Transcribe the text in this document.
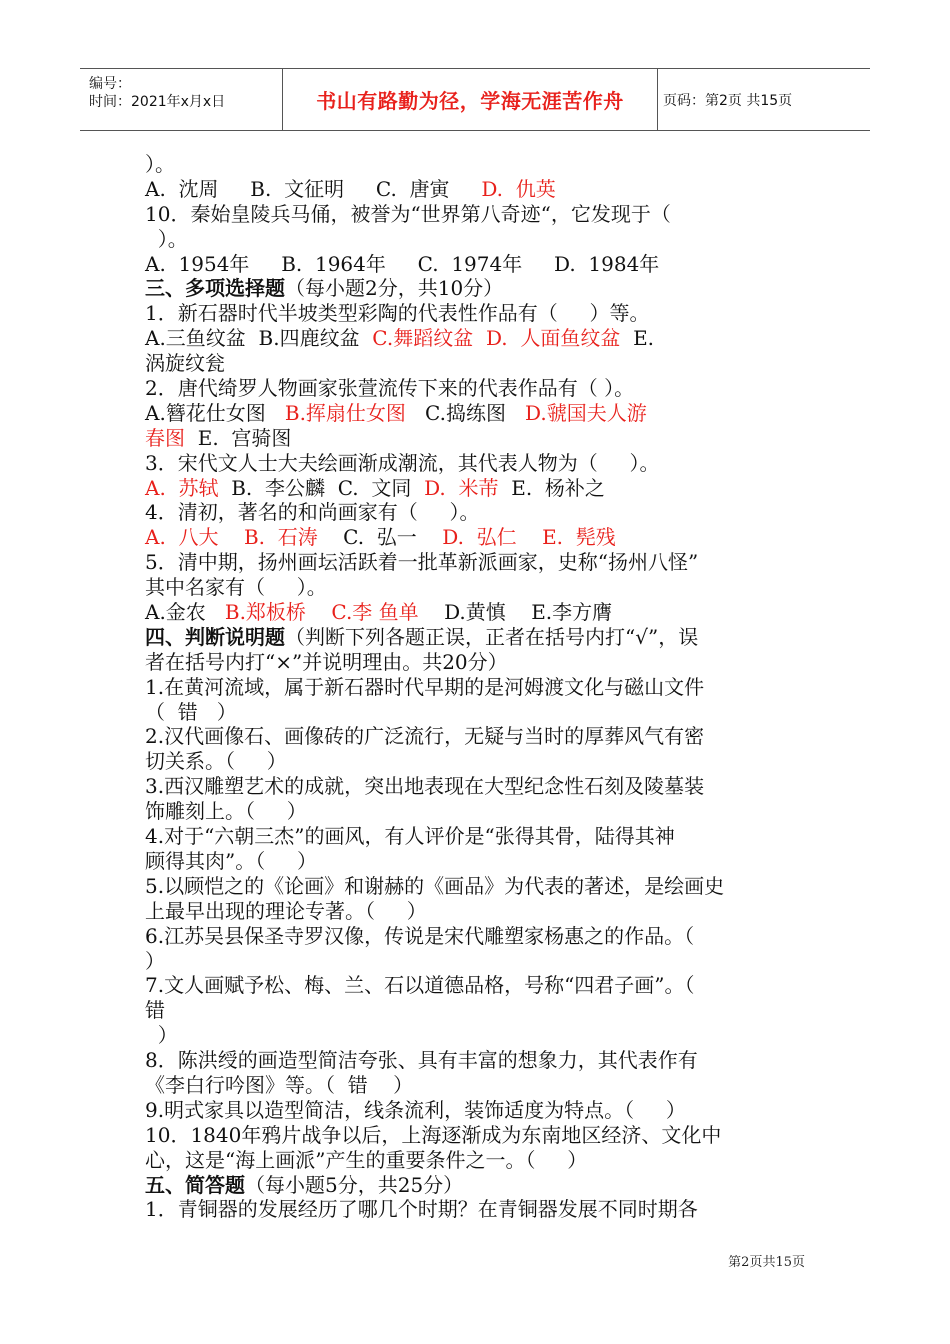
编号：
时间：2021年x月x日	书山有路勤为径，学海无涯苦作舟	页码：第2页 共15页
）。
A.  沈周     B.  文征明     C.  唐寅     D.  仇英
10．秦始皇陵兵马俑，被誉为“世界第八奇迹“，它发现于（
）。
A.  1954年     B.  1964年     C.  1974年     D.  1984年
三、多项选择题（每小题2分，共10分）
1．新石器时代半坡类型彩陶的代表性作品有（     ）等。
A.三鱼纹盆  B.四鹿纹盆  C.舞蹈纹盆  D.  人面鱼纹盆  E.
涡旋纹瓮
2．唐代绮罗人物画家张萱流传下来的代表作品有（ ）。
A.簪花仕女图   B.挥扇仕女图   C.捣练图   D.虢国夫人游
春图  E.  宫骑图
3．宋代文人士大夫绘画渐成潮流，其代表人物为（     ）。
A.  苏轼  B.  李公麟  C.  文同  D.  米芾  E.  杨补之
4．清初，著名的和尚画家有（     ）。
A.  八大    B.  石涛    C.  弘一    D.  弘仁    E.  髡残
5．清中期，扬州画坛活跃着一批革新派画家，史称“扬州八怪”
其中名家有（     ）。
A.金农   B.郑板桥    C.李 鱼单    D.黄慎    E.李方膺
四、判断说明题（判断下列各题正误，正者在括号内打“√”，误
者在括号内打“×”并说明理由。共20分）
1.在黄河流域，属于新石器时代早期的是河姆渡文化与磁山文件
（  错   ）
2.汉代画像石、画像砖的广泛流行，无疑与当时的厚葬风气有密
切关系。（     ）
3.西汉雕塑艺术的成就，突出地表现在大型纪念性石刻及陵墓装
饰雕刻上。（     ）
4.对于“六朝三杰”的画风，有人评价是“张得其骨，陆得其神
顾得其肉”。（     ）
5.以顾恺之的《论画》和谢赫的《画品》为代表的著述，是绘画史
上最早出现的理论专著。（     ）
6.江苏吴县保圣寺罗汉像，传说是宋代雕塑家杨惠之的作品。（
）
7.文人画赋予松、梅、兰、石以道德品格，号称“四君子画”。（
错
）
8．陈洪绶的画造型简洁夸张、具有丰富的想象力，其代表作有
《李白行吟图》等。（  错    ）
9.明式家具以造型简洁，线条流利，装饰适度为特点。（     ）
10．1840年鸦片战争以后，上海逐渐成为东南地区经济、文化中
心，这是“海上画派”产生的重要条件之一。（     ）
五、简答题（每小题5分，共25分）
1．青铜器的发展经历了哪几个时期？在青铜器发展不同时期各
第2页共15页
